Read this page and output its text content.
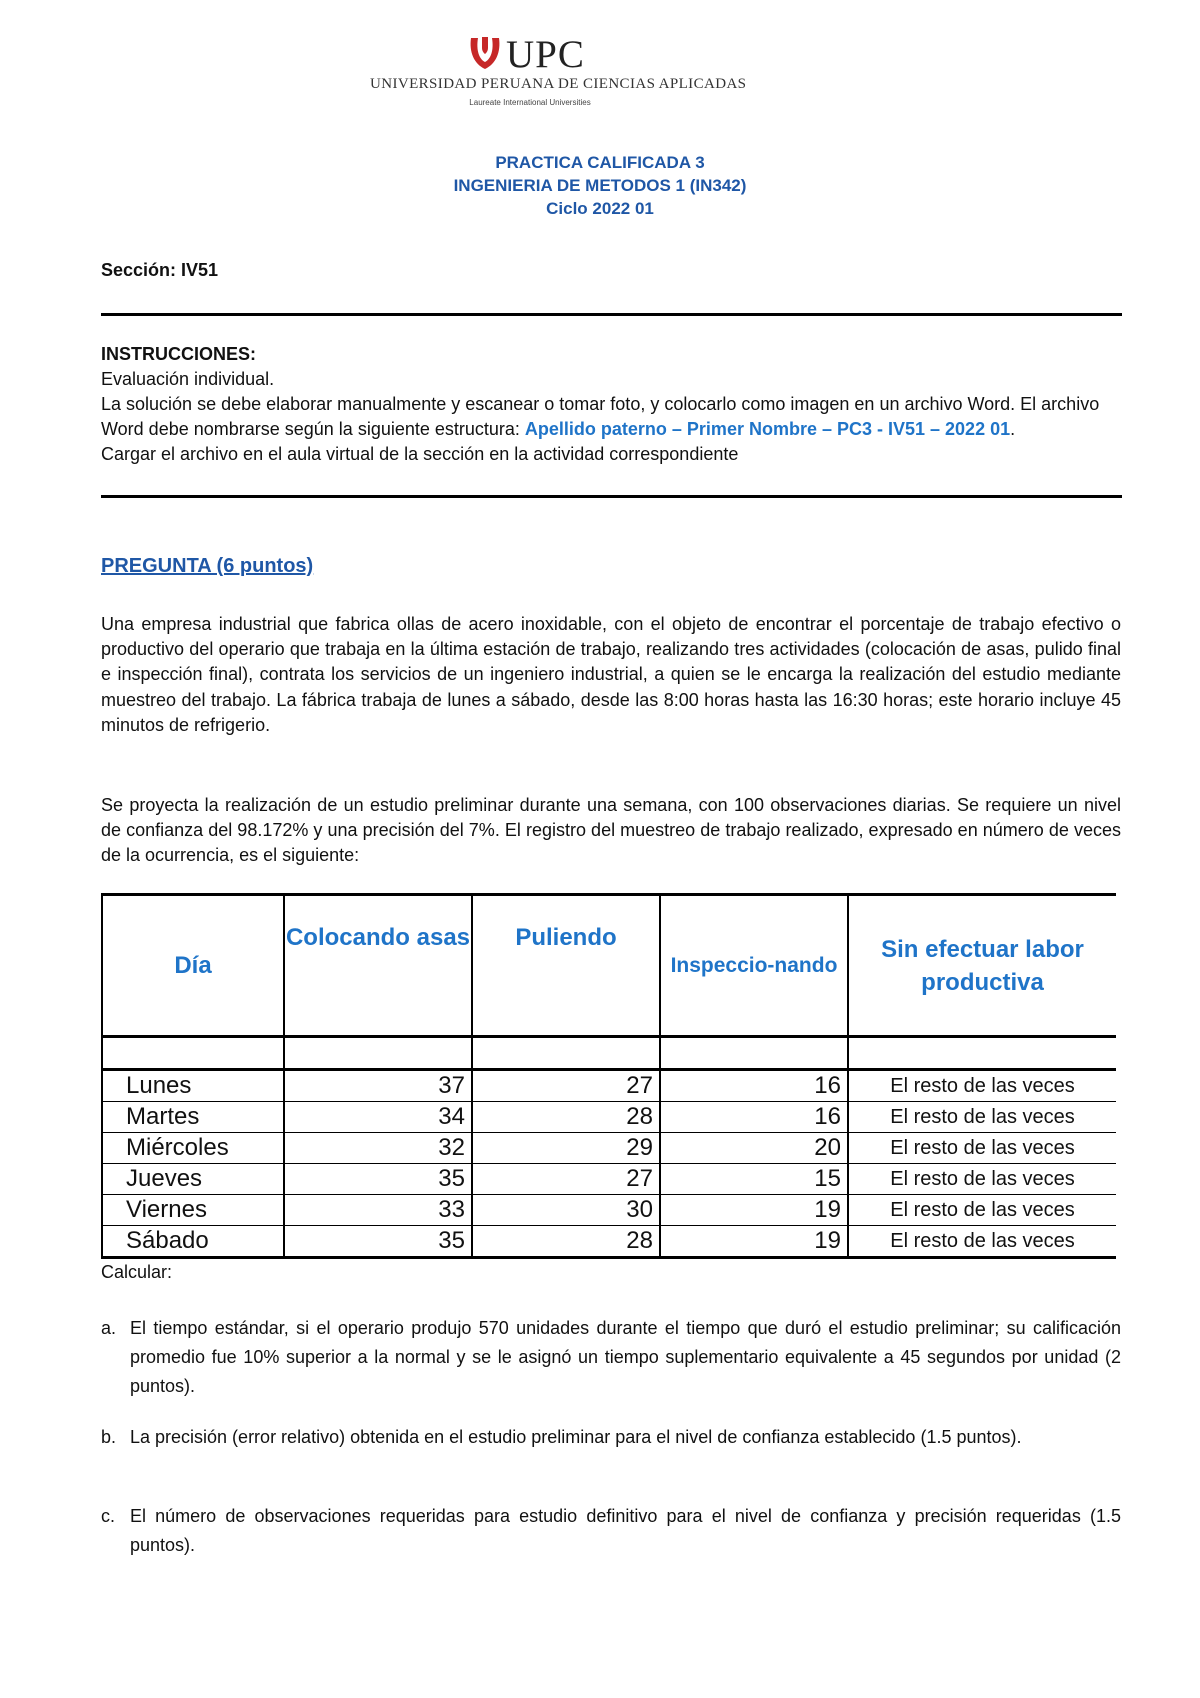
UPC
UNIVERSIDAD PERUANA DE CIENCIAS APLICADAS
Laureate International Universities
PRACTICA CALIFICADA 3
INGENIERIA DE METODOS 1 (IN342)
Ciclo 2022 01
Sección: IV51
INSTRUCCIONES:
Evaluación individual.
La solución se debe elaborar manualmente y escanear o tomar foto, y colocarlo como imagen en un archivo Word. El archivo Word debe nombrarse según la siguiente estructura: Apellido paterno – Primer Nombre – PC3 - IV51 – 2022 01.
Cargar el archivo en el aula virtual de la sección en la actividad correspondiente
PREGUNTA (6 puntos)
Una empresa industrial que fabrica ollas de acero inoxidable, con el objeto de encontrar el porcentaje de trabajo efectivo o productivo del operario que trabaja en la última estación de trabajo, realizando tres actividades (colocación de asas, pulido final e inspección final), contrata los servicios de un ingeniero industrial, a quien se le encarga la realización del estudio mediante muestreo del trabajo. La fábrica trabaja de lunes a sábado, desde las 8:00 horas hasta las 16:30 horas; este horario incluye 45 minutos de refrigerio.
Se proyecta la realización de un estudio preliminar durante una semana, con 100 observaciones diarias. Se requiere un nivel de confianza del 98.172% y una precisión del 7%. El registro del muestreo de trabajo realizado, expresado en número de veces de la ocurrencia, es el siguiente:
Día	Colocando asas	Puliendo	Inspeccio-nando	Sin efectuar labor productiva

Lunes	37	27	16	El resto de las veces
Martes	34	28	16	El resto de las veces
Miércoles	32	29	20	El resto de las veces
Jueves	35	27	15	El resto de las veces
Viernes	33	30	19	El resto de las veces
Sábado	35	28	19	El resto de las veces
Calcular:
a. El tiempo estándar, si el operario produjo 570 unidades durante el tiempo que duró el estudio preliminar; su calificación promedio fue 10% superior a la normal y se le asignó un tiempo suplementario equivalente a 45 segundos por unidad (2 puntos).
b. La precisión (error relativo) obtenida en el estudio preliminar para el nivel de confianza establecido (1.5 puntos).
c. El número de observaciones requeridas para estudio definitivo para el nivel de confianza y precisión requeridas (1.5 puntos).
